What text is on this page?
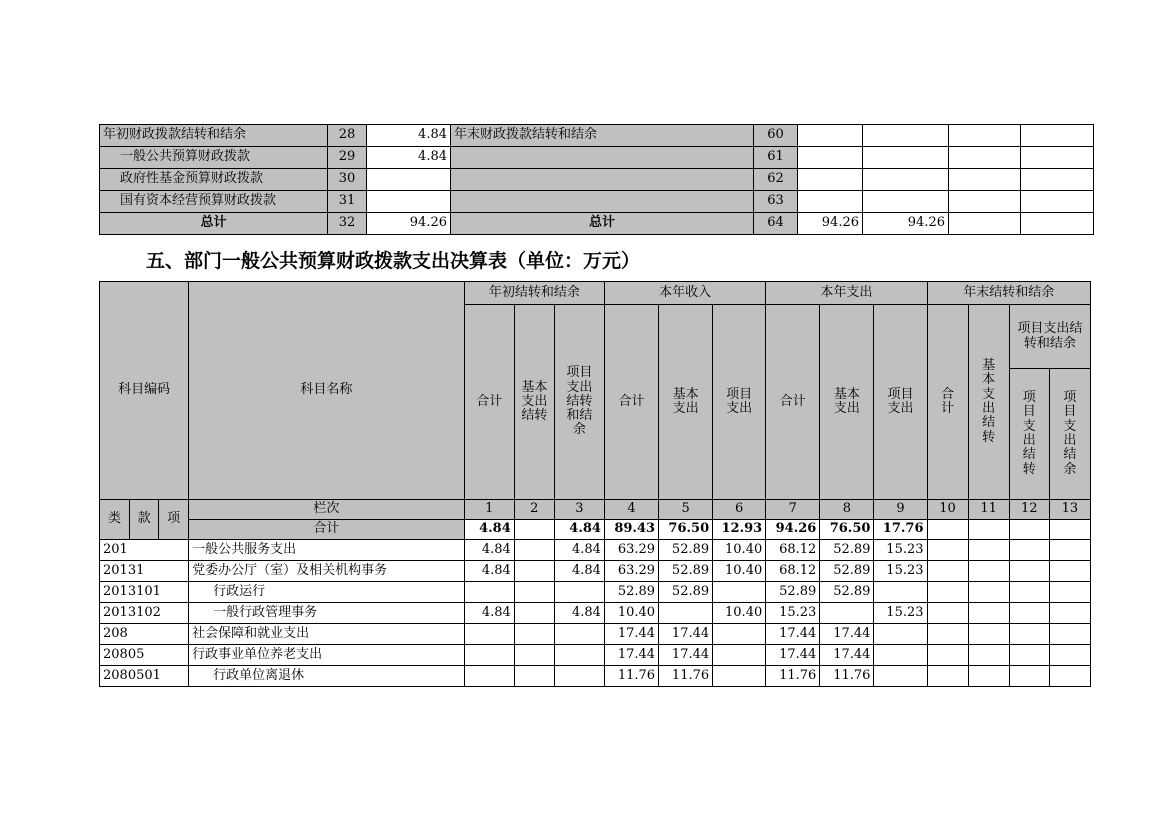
年初财政拨款结转和结余	28	4.84	年末财政拨款结转和结余	60				
一般公共预算财政拨款	29	4.84		61				
政府性基金预算财政拨款	30			62				
国有资本经营预算财政拨款	31			63				
总计	32	94.26	总计	64	94.26	94.26		
五、部门一般公共预算财政拨款支出决算表（单位：万元）
科目编码			科目名称	年初结转和结余			本年收入			本年支出			年末结转和结余			
				合计	基本支出结转	项目支出结转和结余	合计	基本支出	项目支出	合计	基本支出	项目支出	合计	基本支出结转	项目支出结转和结余	
															项目支出结转	项目支出结余
类	款	项	栏次	1	2	3	4	5	6	7	8	9	10	11	12	13
			合计	4.84		4.84	89.43	76.50	12.93	94.26	76.50	17.76				
201			一般公共服务支出	4.84		4.84	63.29	52.89	10.40	68.12	52.89	15.23				
20131			党委办公厅（室）及相关机构事务	4.84		4.84	63.29	52.89	10.40	68.12	52.89	15.23				
2013101			行政运行				52.89	52.89		52.89	52.89					
2013102			一般行政管理事务	4.84		4.84	10.40		10.40	15.23		15.23				
208			社会保障和就业支出				17.44	17.44		17.44	17.44					
20805			行政事业单位养老支出				17.44	17.44		17.44	17.44					
2080501			行政单位离退休				11.76	11.76		11.76	11.76					
